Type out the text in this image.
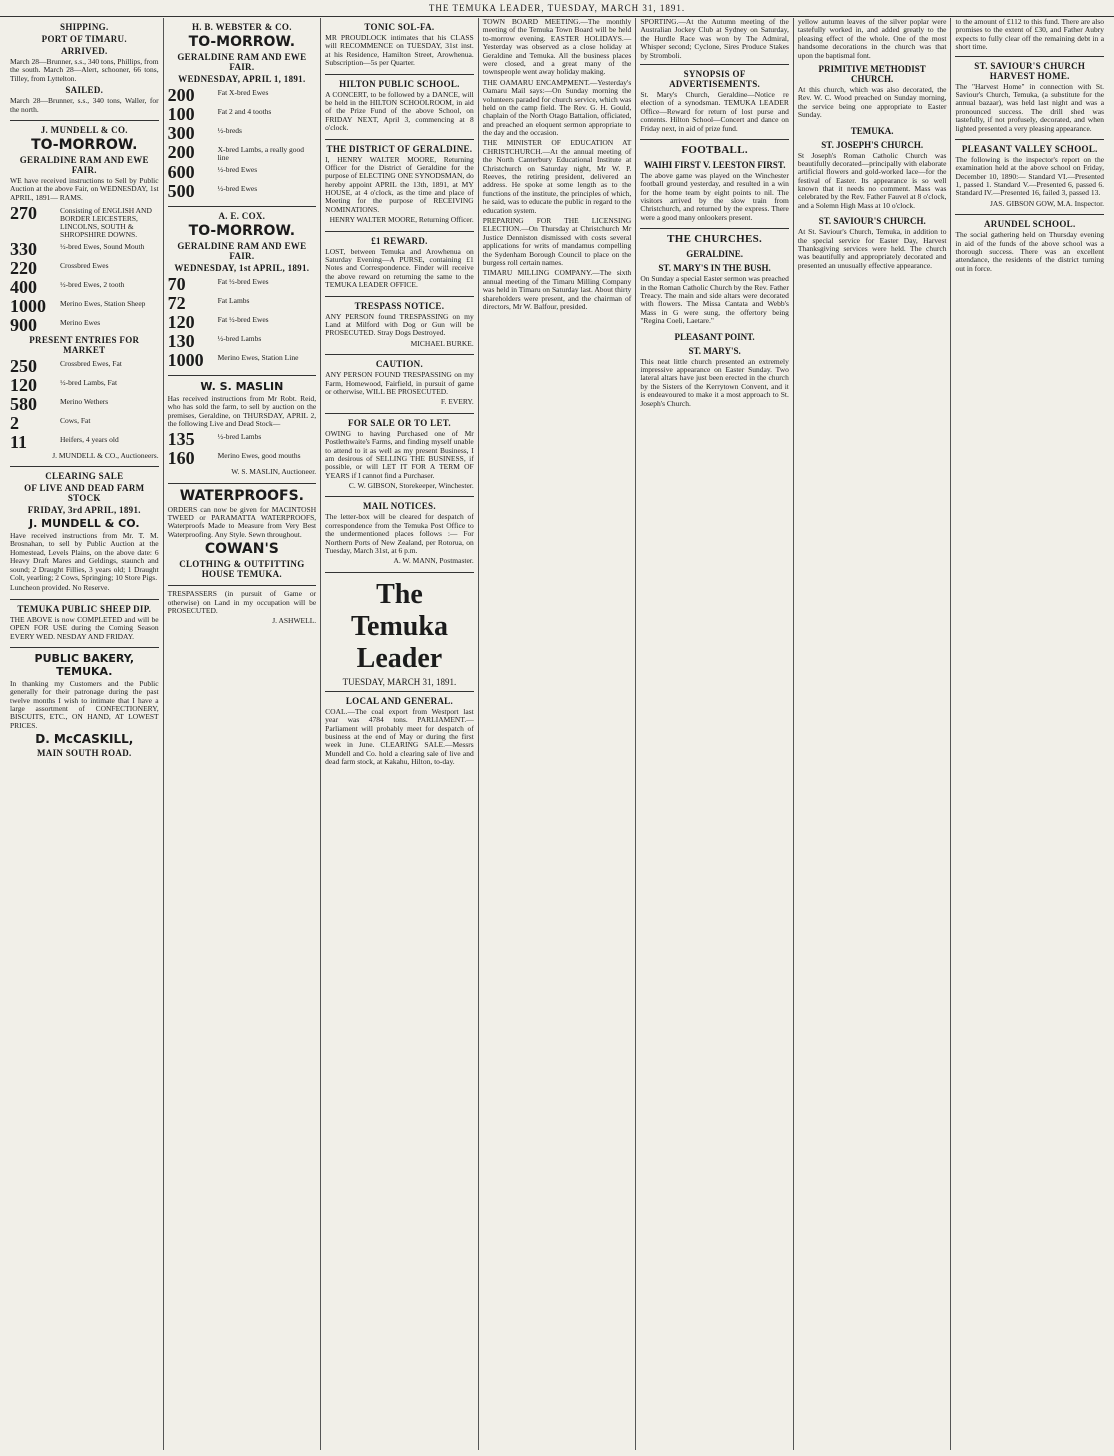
THE TEMUKA LEADER, TUESDAY, MARCH 31, 1891.
SHIPPING.
PORT OF TIMARU.
ARRIVED.
March 28—Brunner, s.s., 340 tons, Phillips, from the south. March 28—Alert, schooner, 66 tons, Tilley, from Lyttelton.
SAILED.
March 28—Brunner, s.s., 340 tons, Waller, for the north.
J. MUNDELL & CO.
TO-MORROW.
GERALDINE RAM AND EWE FAIR.
WE have received instructions to Sell by Public Auction at the above Fair, on WEDNESDAY, 1st APRIL, 1891— RAMS.
270	Consisting of ENGLISH AND BORDER LEICESTERS, LINCOLNS, SOUTH & SHROPSHIRE DOWNS.
330	½-bred Ewes, Sound Mouth
220	Crossbred Ewes
400	½-bred Ewes, 2 tooth
1000	Merino Ewes, Station Sheep
900	Merino Ewes
PRESENT ENTRIES FOR MARKET
250	Crossbred Ewes, Fat
120	½-bred Lambs, Fat
580	Merino Wethers
2	Cows, Fat
11	Heifers, 4 years old
J. MUNDELL & CO., Auctioneers.
CLEARING SALE
OF LIVE AND DEAD FARM STOCK
FRIDAY, 3rd APRIL, 1891.
J. MUNDELL & CO.
Have received instructions from Mr. T. M. Brosnahan, to sell by Public Auction at the Homestead, Levels Plains, on the above date: 6 Heavy Draft Mares and Geldings, staunch and sound; 2 Draught Fillies, 3 years old; 1 Draught Colt, yearling; 2 Cows, Springing; 10 Store Pigs.
Luncheon provided. No Reserve.
TEMUKA PUBLIC SHEEP DIP.
THE ABOVE is now COMPLETED and will be OPEN FOR USE during the Coming Season EVERY WED. NESDAY AND FRIDAY.
PUBLIC BAKERY, TEMUKA.
In thanking my Customers and the Public generally for their patronage during the past twelve months I wish to intimate that I have a large assortment of CONFECTIONERY, BISCUITS, ETC., ON HAND, AT LOWEST PRICES.
D. McCASKILL,
MAIN SOUTH ROAD.
H. B. WEBSTER & CO.
TO-MORROW.
GERALDINE RAM AND EWE FAIR.
WEDNESDAY, APRIL 1, 1891.
200	Fat X-bred Ewes
100	Fat 2 and 4 tooths
300	½-breds
200	X-bred Lambs, a really good line
600	½-bred Ewes
500	½-bred Ewes
A. E. COX.
TO-MORROW.
GERALDINE RAM AND EWE FAIR.
WEDNESDAY, 1st APRIL, 1891.
70	Fat ½-bred Ewes
72	Fat Lambs
120	Fat ½-bred Ewes
130	½-bred Lambs
1000	Merino Ewes, Station Line
W. S. MASLIN
Has received instructions from Mr Robt. Reid, who has sold the farm, to sell by auction on the premises, Geraldine, on THURSDAY, APRIL 2, the following Live and Dead Stock—
135	½-bred Lambs
160	Merino Ewes, good mouths
W. S. MASLIN, Auctioneer.
WATERPROOFS.
ORDERS can now be given for MACINTOSH TWEED or PARAMATTA WATERPROOFS, Waterproofs Made to Measure from Very Best Waterproofing. Any Style. Sewn throughout.
COWAN'S
CLOTHING & OUTFITTING HOUSE TEMUKA.
TRESPASSERS (in pursuit of Game or otherwise) on Land in my occupation will be PROSECUTED.
J. ASHWELL.
TONIC SOL-FA.
MR PROUDLOCK intimates that his CLASS will RECOMMENCE on TUESDAY, 31st inst. at his Residence, Hamilton Street, Arowhenua. Subscription—5s per Quarter.
HILTON PUBLIC SCHOOL.
A CONCERT, to be followed by a DANCE, will be held in the HILTON SCHOOLROOM, in aid of the Prize Fund of the above School, on FRIDAY NEXT, April 3, commencing at 8 o'clock.
THE DISTRICT OF GERALDINE.
I, HENRY WALTER MOORE, Returning Officer for the District of Geraldine for the purpose of ELECTING ONE SYNODSMAN, do hereby appoint APRIL the 13th, 1891, at MY HOUSE, at 4 o'clock, as the time and place of Meeting for the purpose of RECEIVING NOMINATIONS.
HENRY WALTER MOORE, Returning Officer.
£1 REWARD.
LOST, between Temuka and Arowhenua on Saturday Evening—A PURSE, containing £1 Notes and Correspondence. Finder will receive the above reward on returning the same to the TEMUKA LEADER OFFICE.
TRESPASS NOTICE.
ANY PERSON found TRESPASSING on my Land at Milford with Dog or Gun will be PROSECUTED. Stray Dogs Destroyed.
MICHAEL BURKE.
CAUTION.
ANY PERSON FOUND TRESPASSING on my Farm, Homewood, Fairfield, in pursuit of game or otherwise, WILL BE PROSECUTED.
F. EVERY.
FOR SALE OR TO LET.
OWING to having Purchased one of Mr Postlethwaite's Farms, and finding myself unable to attend to it as well as my present Business, I am desirous of SELLING THE BUSINESS, if possible, or will LET IT FOR A TERM OF YEARS if I cannot find a Purchaser.
C. W. GIBSON, Storekeeper, Winchester.
MAIL NOTICES.
The letter-box will be cleared for despatch of correspondence from the Temuka Post Office to the undermentioned places follows :— For Northern Ports of New Zealand, per Rotorua, on Tuesday, March 31st, at 6 p.m.
A. W. MANN, Postmaster.
The Temuka Leader
TUESDAY, MARCH 31, 1891.
LOCAL AND GENERAL.
COAL.—The coal export from Westport last year was 4784 tons. PARLIAMENT.—Parliament will probably meet for despatch of business at the end of May or during the first week in June. CLEARING SALE.—Messrs Mundell and Co. hold a clearing sale of live and dead farm stock, at Kakahu, Hilton, to-day.
TOWN BOARD MEETING.—The monthly meeting of the Temuka Town Board will be held to-morrow evening. EASTER HOLIDAYS.—Yesterday was observed as a close holiday at Geraldine and Temuka. All the business places were closed, and a great many of the townspeople went away holiday making.
THE OAMARU ENCAMPMENT.—Yesterday's Oamaru Mail says:—On Sunday morning the volunteers paraded for church service, which was held on the camp field. The Rev. G. H. Gould, chaplain of the North Otago Battalion, officiated, and preached an eloquent sermon appropriate to the day and the occasion.
THE MINISTER OF EDUCATION AT CHRISTCHURCH.—At the annual meeting of the North Canterbury Educational Institute at Christchurch on Saturday night, Mr W. P. Reeves, the retiring president, delivered an address. He spoke at some length as to the functions of the institute, the principles of which, he said, was to educate the public in regard to the education system.
PREPARING FOR THE LICENSING ELECTION.—On Thursday at Christchurch Mr Justice Denniston dismissed with costs several applications for writs of mandamus compelling the Sydenham Borough Council to place on the burgess roll certain names.
TIMARU MILLING COMPANY.—The sixth annual meeting of the Timaru Milling Company was held in Timaru on Saturday last. About thirty shareholders were present, and the chairman of directors, Mr W. Balfour, presided.
SPORTING.—At the Autumn meeting of the Australian Jockey Club at Sydney on Saturday, the Hurdle Race was won by The Admiral, Whisper second; Cyclone, Sires Produce Stakes by Stromboli.
SYNOPSIS OF ADVERTISEMENTS.
St. Mary's Church, Geraldine—Notice re election of a synodsman. TEMUKA LEADER Office—Reward for return of lost purse and contents. Hilton School—Concert and dance on Friday next, in aid of prize fund.
FOOTBALL.
WAIHI FIRST V. LEESTON FIRST.
The above game was played on the Winchester football ground yesterday, and resulted in a win for the home team by eight points to nil. The visitors arrived by the slow train from Christchurch, and returned by the express. There were a good many onlookers present.
THE CHURCHES.
GERALDINE.
ST. MARY'S IN THE BUSH.
On Sunday a special Easter sermon was preached in the Roman Catholic Church by the Rev. Father Treacy. The main and side altars were decorated with flowers. The Missa Cantata and Webb's Mass in G were sung, the offertory being "Regina Coeli, Laetare."
PLEASANT POINT.
ST. MARY'S.
This neat little church presented an extremely impressive appearance on Easter Sunday. Two lateral altars have just been erected in the church by the Sisters of the Kerrytown Convent, and it is endeavoured to make it a most approach to St. Joseph's Church.
yellow autumn leaves of the silver poplar were tastefully worked in, and added greatly to the pleasing effect of the whole. One of the most handsome decorations in the church was that upon the baptismal font.
PRIMITIVE METHODIST CHURCH.
At this church, which was also decorated, the Rev. W. C. Wood preached on Sunday morning, the service being one appropriate to Easter Sunday.
TEMUKA.
ST. JOSEPH'S CHURCH.
St Joseph's Roman Catholic Church was beautifully decorated—principally with elaborate artificial flowers and gold-worked lace—for the festival of Easter. Its appearance is so well known that it needs no comment. Mass was celebrated by the Rev. Father Fauvel at 8 o'clock, and a Solemn High Mass at 10 o'clock.
ST. SAVIOUR'S CHURCH.
At St. Saviour's Church, Temuka, in addition to the special service for Easter Day, Harvest Thanksgiving services were held. The church was beautifully and appropriately decorated and presented an unusually effective appearance.
to the amount of £112 to this fund. There are also promises to the extent of £30, and Father Aubry expects to fully clear off the remaining debt in a short time.
ST. SAVIOUR'S CHURCH HARVEST HOME.
The "Harvest Home" in connection with St. Saviour's Church, Temuka, (a substitute for the annual bazaar), was held last night and was a pronounced success. The drill shed was tastefully, if not profusely, decorated, and when lighted presented a very pleasing appearance.
PLEASANT VALLEY SCHOOL.
The following is the inspector's report on the examination held at the above school on Friday, December 10, 1890:— Standard VI.—Presented 1, passed 1. Standard V.—Presented 6, passed 6. Standard IV.—Presented 16, failed 3, passed 13.
JAS. GIBSON GOW, M.A. Inspector.
ARUNDEL SCHOOL.
The social gathering held on Thursday evening in aid of the funds of the above school was a thorough success. There was an excellent attendance, the residents of the district turning out in force.
